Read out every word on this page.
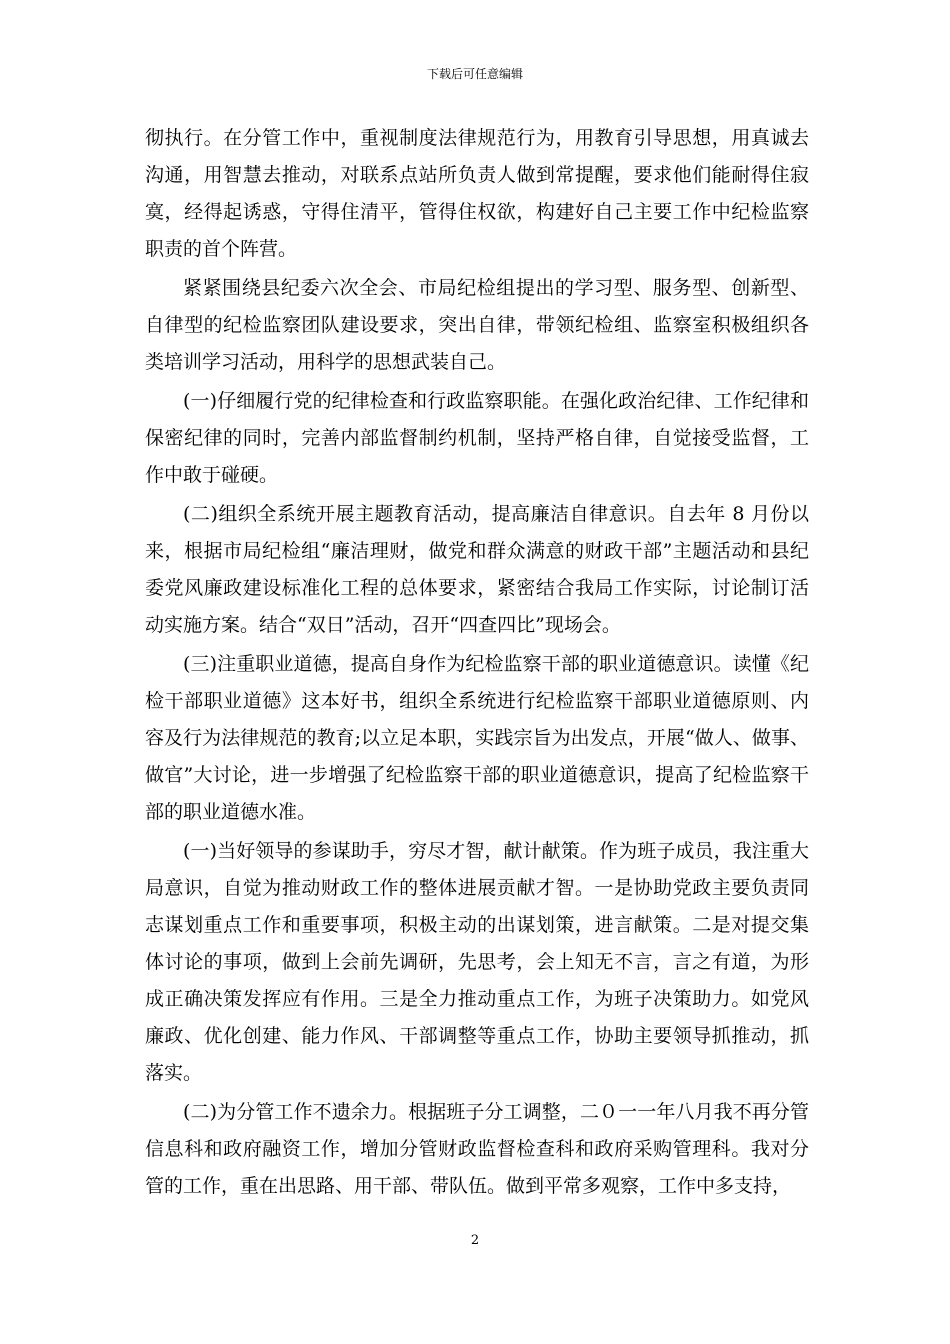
下载后可任意编辑

彻执行。在分管工作中，重视制度法律规范行为，用教育引导思想，用真诚去沟通，用智慧去推动，对联系点站所负责人做到常提醒，要求他们能耐得住寂寞，经得起诱惑，守得住清平，管得住权欲，构建好自己主要工作中纪检监察职责的首个阵营。

紧紧围绕县纪委六次全会、市局纪检组提出的学习型、服务型、创新型、自律型的纪检监察团队建设要求，突出自律，带领纪检组、监察室积极组织各类培训学习活动，用科学的思想武装自己。

(一)仔细履行党的纪律检查和行政监察职能。在强化政治纪律、工作纪律和保密纪律的同时，完善内部监督制约机制，坚持严格自律，自觉接受监督，工作中敢于碰硬。

(二)组织全系统开展主题教育活动，提高廉洁自律意识。自去年 8 月份以来，根据市局纪检组“廉洁理财，做党和群众满意的财政干部”主题活动和县纪委党风廉政建设标准化工程的总体要求，紧密结合我局工作实际，讨论制订活动实施方案。结合“双日”活动，召开“四查四比”现场会。

(三)注重职业道德，提高自身作为纪检监察干部的职业道德意识。读懂《纪检干部职业道德》这本好书，组织全系统进行纪检监察干部职业道德原则、内容及行为法律规范的教育;以立足本职，实践宗旨为出发点，开展“做人、做事、做官”大讨论，进一步增强了纪检监察干部的职业道德意识，提高了纪检监察干部的职业道德水准。

(一)当好领导的参谋助手，穷尽才智，献计献策。作为班子成员，我注重大局意识，自觉为推动财政工作的整体进展贡献才智。一是协助党政主要负责同志谋划重点工作和重要事项，积极主动的出谋划策，进言献策。二是对提交集体讨论的事项，做到上会前先调研，先思考，会上知无不言，言之有道，为形成正确决策发挥应有作用。三是全力推动重点工作，为班子决策助力。如党风廉政、优化创建、能力作风、干部调整等重点工作，协助主要领导抓推动，抓落实。

(二)为分管工作不遗余力。根据班子分工调整，二０一一年八月我不再分管信息科和政府融资工作，增加分管财政监督检查科和政府采购管理科。我对分管的工作，重在出思路、用干部、带队伍。做到平常多观察，工作中多支持，

2
